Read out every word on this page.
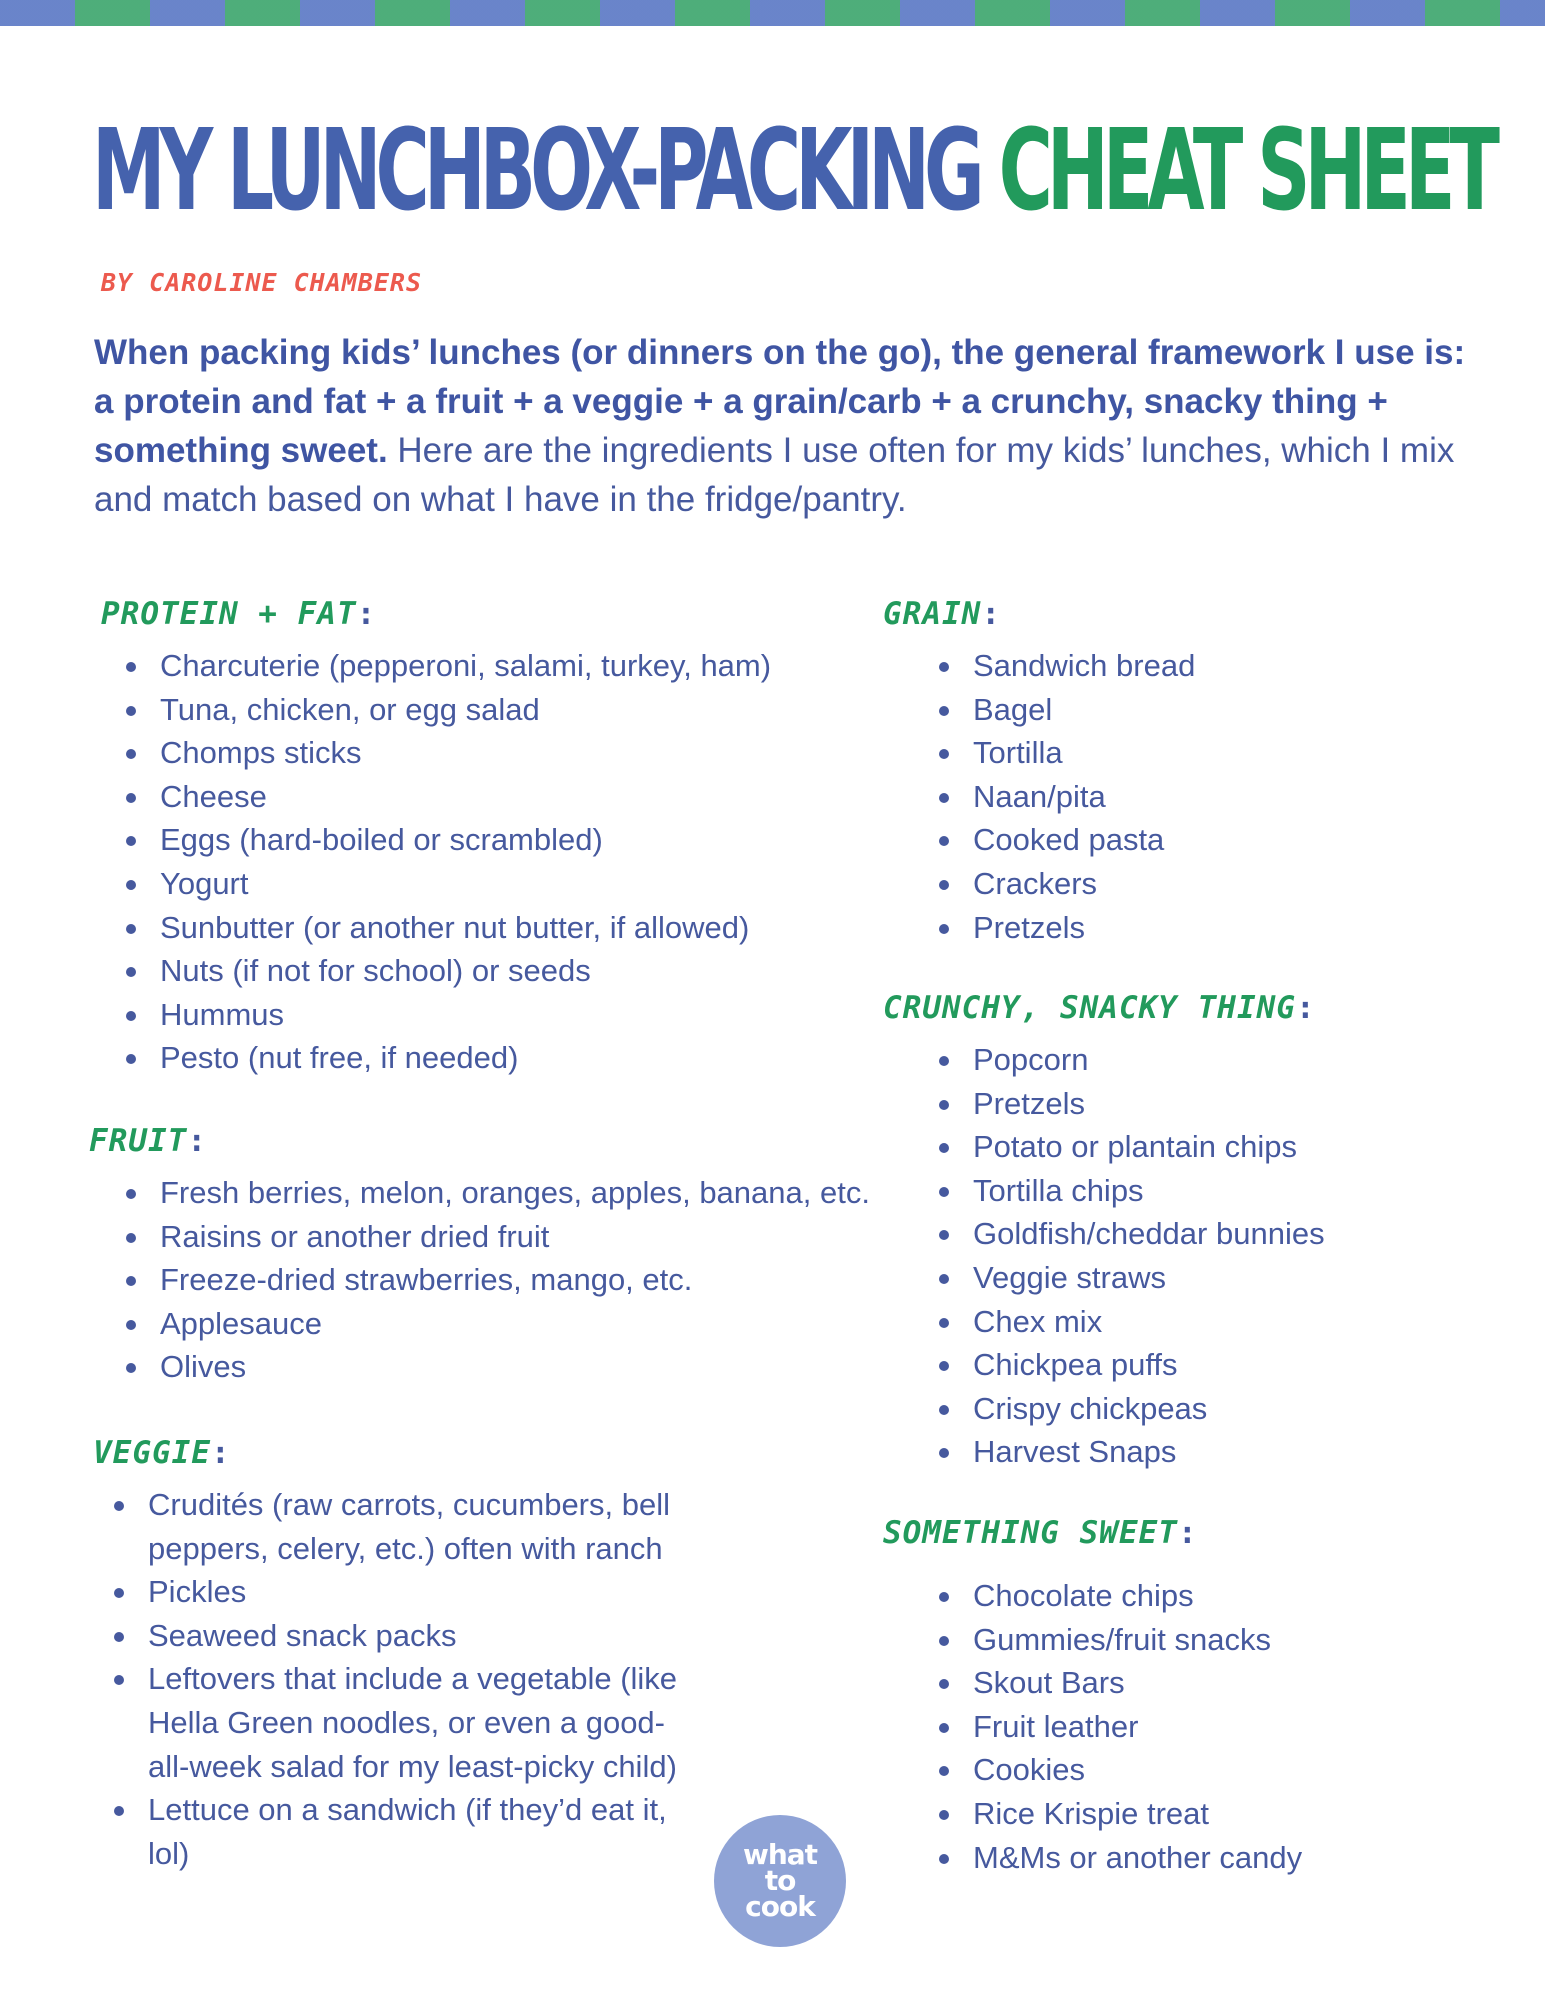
MY LUNCHBOX-PACKING CHEAT SHEET
BY CAROLINE CHAMBERS

When packing kids’ lunches (or dinners on the go), the general framework I use is: a protein and fat + a fruit + a veggie + a grain/carb + a crunchy, snacky thing + something sweet. Here are the ingredients I use often for my kids’ lunches, which I mix and match based on what I have in the fridge/pantry.

PROTEIN + FAT:
Charcuterie (pepperoni, salami, turkey, ham)
Tuna, chicken, or egg salad
Chomps sticks
Cheese
Eggs (hard-boiled or scrambled)
Yogurt
Sunbutter (or another nut butter, if allowed)
Nuts (if not for school) or seeds
Hummus
Pesto (nut free, if needed)
FRUIT:
Fresh berries, melon, oranges, apples, banana, etc.
Raisins or another dried fruit
Freeze-dried strawberries, mango, etc.
Applesauce
Olives
VEGGIE:
Crudités (raw carrots, cucumbers, bell peppers, celery, etc.) often with ranch
Pickles
Seaweed snack packs
Leftovers that include a vegetable (like Hella Green noodles, or even a good-all-week salad for my least-picky child)
Lettuce on a sandwich (if they’d eat it, lol)
GRAIN:
Sandwich bread
Bagel
Tortilla
Naan/pita
Cooked pasta
Crackers
Pretzels
CRUNCHY, SNACKY THING:
Popcorn
Pretzels
Potato or plantain chips
Tortilla chips
Goldfish/cheddar bunnies
Veggie straws
Chex mix
Chickpea puffs
Crispy chickpeas
Harvest Snaps
SOMETHING SWEET:
Chocolate chips
Gummies/fruit snacks
Skout Bars
Fruit leather
Cookies
Rice Krispie treat
M&Ms or another candy
what
to
cook
